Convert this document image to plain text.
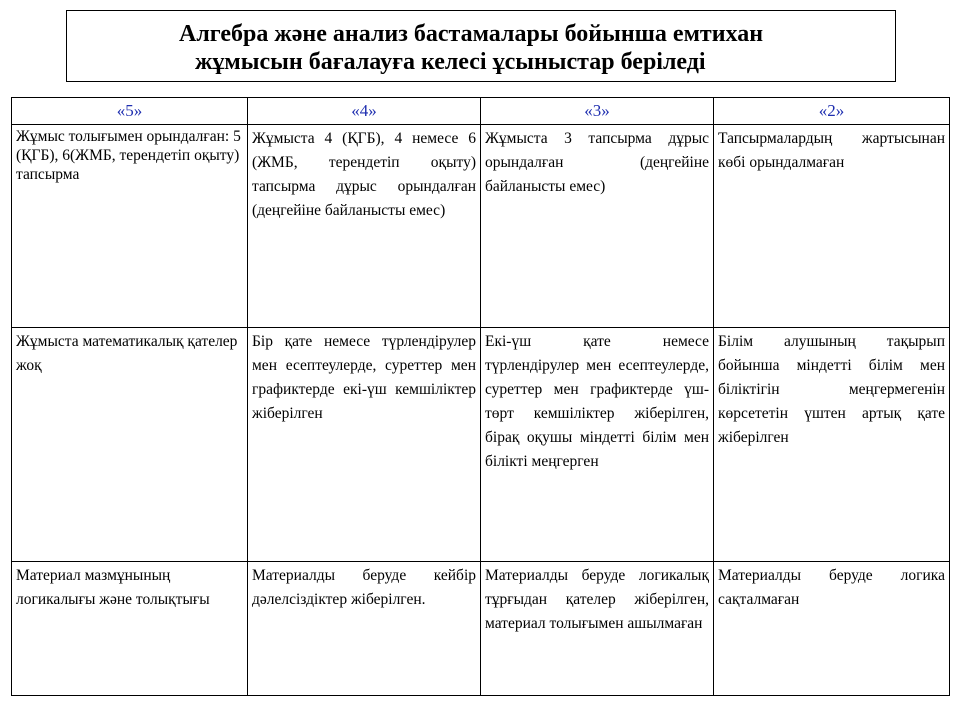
Алгебра және анализ бастамалары бойынша емтихан
жұмысын бағалауға келесі ұсыныстар беріледі
«5»	«4»	«3»	«2»
Жұмыс толығымен орындалған: 5 (ҚГБ), 6(ЖМБ, терендетіп оқыту) тапсырма	Жұмыста 4 (ҚГБ), 4 немесе 6 (ЖМБ, терендетіп оқыту) тапсырма дұрыс орындалған (деңгейіне байланысты емес)	Жұмыста 3 тапсырма дұрыс орындалған (деңгейіне байланысты емес)	Тапсырмалардың жартысынан көбі орындалмаған
Жұмыста математикалық қателер жоқ	Бір қате немесе түрлендірулер мен есептеулерде, суреттер мен графиктерде екі-үш кемшіліктер жіберілген	Екі-үш қате немесе түрлендірулер мен есептеулерде, суреттер мен графиктерде үш-төрт кемшіліктер жіберілген, бірақ оқушы міндетті білім мен білікті меңгерген	Білім алушының тақырып бойынша міндетті білім мен біліктігін меңгермегенін көрсететін үштен артық қате жіберілген
Материал мазмұнының логикалығы және толықтығы	Материалды беруде кейбір дәлелсіздіктер жіберілген.	Материалды беруде логикалық тұрғыдан қателер жіберілген, материал толығымен ашылмаған	Материалды беруде логика сақталмаған
